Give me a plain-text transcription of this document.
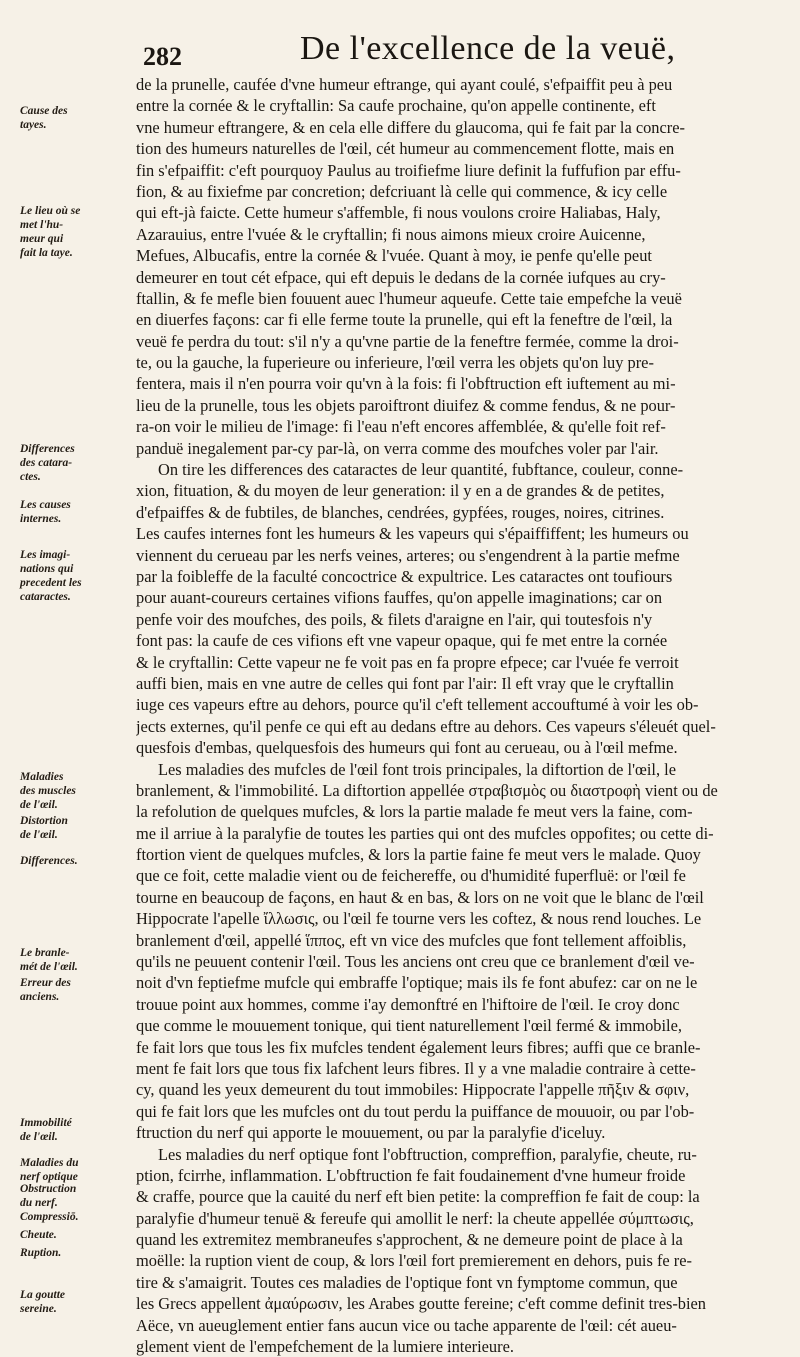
282	De l'excellence de la veuë,
Cause des
tayes.
Le lieu où se
met l'hu-
meur qui
fait la taye.
Differences
des catara-
ctes.
Les causes
internes.
Les imagi-
nations qui
precedent les
cataractes.
Maladies
des muscles
de l'œil.
Distortion
de l'œil.
Differences.
Le branle-
mét de l'œil.
Erreur des
anciens.
Immobilité
de l'œil.
Maladies du
nerf optique
Obstruction
du nerf.
Compressiō.
Cheute.
Ruption.
La goutte
sereine.
de la prunelle, caufée d'vne humeur eftrange, qui ayant coulé, s'efpaiffit peu à peu
entre la cornée & le cryftallin: Sa caufe prochaine, qu'on appelle continente, eft
vne humeur eftrangere, & en cela elle differe du glaucoma, qui fe fait par la concre-
tion des humeurs naturelles de l'œil, cét humeur au commencement flotte, mais en
fin s'efpaiffit: c'eft pourquoy Paulus au troifiefme liure definit la fuffufion par effu-
fion, & au fixiefme par concretion; defcriuant là celle qui commence, & icy celle
qui eft-jà faicte. Cette humeur s'affemble, fi nous voulons croire Haliabas, Haly,
Azarauius, entre l'vuée & le cryftallin; fi nous aimons mieux croire Auicenne,
Mefues, Albucafis, entre la cornée & l'vuée. Quant à moy, ie penfe qu'elle peut
demeurer en tout cét efpace, qui eft depuis le dedans de la cornée iufques au cry-
ftallin, & fe mefle bien fouuent auec l'humeur aqueufe. Cette taie empefche la veuë
en diuerfes façons: car fi elle ferme toute la prunelle, qui eft la feneftre de l'œil, la
veuë fe perdra du tout: s'il n'y a qu'vne partie de la feneftre fermée, comme la droi-
te, ou la gauche, la fuperieure ou inferieure, l'œil verra les objets qu'on luy pre-
fentera, mais il n'en pourra voir qu'vn à la fois: fi l'obftruction eft iuftement au mi-
lieu de la prunelle, tous les objets paroiftront diuifez & comme fendus, & ne pour-
ra-on voir le milieu de l'image: fi l'eau n'eft encores affemblée, & qu'elle foit ref-
panduë inegalement par-cy par-là, on verra comme des moufches voler par l'air.
On tire les differences des cataractes de leur quantité, fubftance, couleur, conne-
xion, fituation, & du moyen de leur generation: il y en a de grandes & de petites,
d'efpaiffes & de fubtiles, de blanches, cendrées, gypfées, rouges, noires, citrines.
Les caufes internes font les humeurs & les vapeurs qui s'épaiffiffent; les humeurs ou
viennent du cerueau par les nerfs veines, arteres; ou s'engendrent à la partie mefme
par la foibleffe de la faculté concoctrice & expultrice. Les cataractes ont toufiours
pour auant-coureurs certaines vifions fauffes, qu'on appelle imaginations; car on
penfe voir des moufches, des poils, & filets d'araigne en l'air, qui toutesfois n'y
font pas: la caufe de ces vifions eft vne vapeur opaque, qui fe met entre la cornée
& le cryftallin: Cette vapeur ne fe voit pas en fa propre efpece; car l'vuée fe verroit
auffi bien, mais en vne autre de celles qui font par l'air: Il eft vray que le cryftallin
iuge ces vapeurs eftre au dehors, pource qu'il c'eft tellement accouftumé à voir les ob-
jects externes, qu'il penfe ce qui eft au dedans eftre au dehors. Ces vapeurs s'éleuét quel-
quesfois d'embas, quelquesfois des humeurs qui font au cerueau, ou à l'œil mefme.
Les maladies des mufcles de l'œil font trois principales, la diftortion de l'œil, le
branlement, & l'immobilité. La diftortion appellée στραβισμὸς ou διαστροφὴ vient ou de
la refolution de quelques mufcles, & lors la partie malade fe meut vers la faine, com-
me il arriue à la paralyfie de toutes les parties qui ont des mufcles oppofites; ou cette di-
ftortion vient de quelques mufcles, & lors la partie faine fe meut vers le malade. Quoy
que ce foit, cette maladie vient ou de feichereffe, ou d'humidité fuperfluë: or l'œil fe
tourne en beaucoup de façons, en haut & en bas, & lors on ne voit que le blanc de l'œil
Hippocrate l'apelle ἴλλωσις, ou l'œil fe tourne vers les coftez, & nous rend louches. Le
branlement d'œil, appellé ἵππος, eft vn vice des mufcles que font tellement affoiblis,
qu'ils ne peuuent contenir l'œil. Tous les anciens ont creu que ce branlement d'œil ve-
noit d'vn feptiefme mufcle qui embraffe l'optique; mais ils fe font abufez: car on ne le
trouue point aux hommes, comme i'ay demonftré en l'hiftoire de l'œil. Ie croy donc
que comme le mouuement tonique, qui tient naturellement l'œil fermé & immobile,
fe fait lors que tous les fix mufcles tendent également leurs fibres; auffi que ce branle-
ment fe fait lors que tous fix lafchent leurs fibres. Il y a vne maladie contraire à cette-
cy, quand les yeux demeurent du tout immobiles: Hippocrate l'appelle πῆξιν & σφιν,
qui fe fait lors que les mufcles ont du tout perdu la puiffance de mouuoir, ou par l'ob-
ftruction du nerf qui apporte le mouuement, ou par la paralyfie d'iceluy.
Les maladies du nerf optique font l'obftruction, compreffion, paralyfie, cheute, ru-
ption, fcirrhe, inflammation. L'obftruction fe fait foudainement d'vne humeur froide
& craffe, pource que la cauité du nerf eft bien petite: la compreffion fe fait de coup: la
paralyfie d'humeur tenuë & fereufe qui amollit le nerf: la cheute appellée σύμπτωσις,
quand les extremitez membraneufes s'approchent, & ne demeure point de place à la
moëlle: la ruption vient de coup, & lors l'œil fort premierement en dehors, puis fe re-
tire & s'amaigrit. Toutes ces maladies de l'optique font vn fymptome commun, que
les Grecs appellent ἀμαύρωσιν, les Arabes goutte fereine; c'eft comme definit tres-bien
Aëce, vn aueuglement entier fans aucun vice ou tache apparente de l'œil: cét aueu-
glement vient de l'empefchement de la lumiere interieure.
